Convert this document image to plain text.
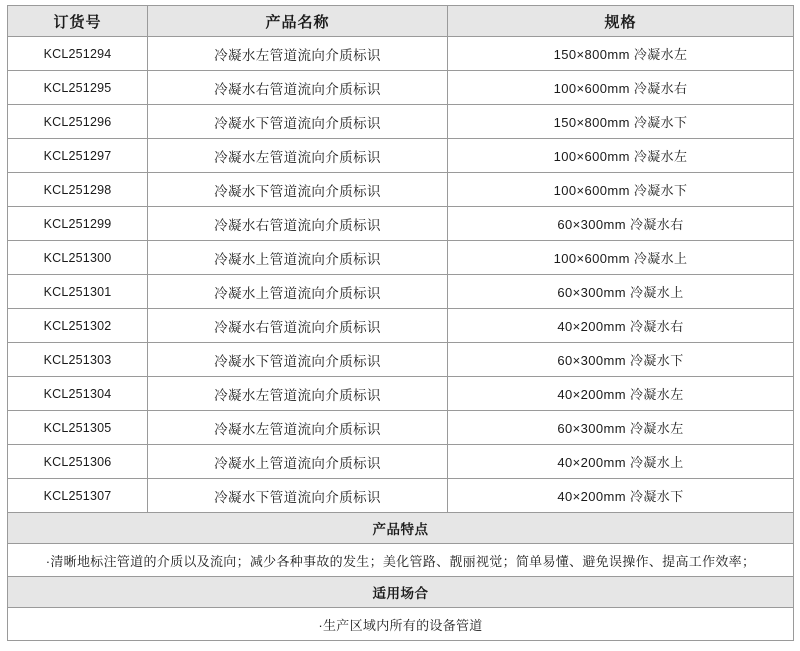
订货号	产品名称	规格
KCL251294	冷凝水左管道流向介质标识	150×800mm 冷凝水左
KCL251295	冷凝水右管道流向介质标识	100×600mm 冷凝水右
KCL251296	冷凝水下管道流向介质标识	150×800mm 冷凝水下
KCL251297	冷凝水左管道流向介质标识	100×600mm 冷凝水左
KCL251298	冷凝水下管道流向介质标识	100×600mm 冷凝水下
KCL251299	冷凝水右管道流向介质标识	60×300mm 冷凝水右
KCL251300	冷凝水上管道流向介质标识	100×600mm 冷凝水上
KCL251301	冷凝水上管道流向介质标识	60×300mm 冷凝水上
KCL251302	冷凝水右管道流向介质标识	40×200mm 冷凝水右
KCL251303	冷凝水下管道流向介质标识	60×300mm 冷凝水下
KCL251304	冷凝水左管道流向介质标识	40×200mm 冷凝水左
KCL251305	冷凝水左管道流向介质标识	60×300mm 冷凝水左
KCL251306	冷凝水上管道流向介质标识	40×200mm 冷凝水上
KCL251307	冷凝水下管道流向介质标识	40×200mm 冷凝水下
产品特点		
·清晰地标注管道的介质以及流向；减少各种事故的发生；美化管路、靓丽视觉；简单易懂、避免误操作、提高工作效率；		
适用场合		
·生产区域内所有的设备管道		
